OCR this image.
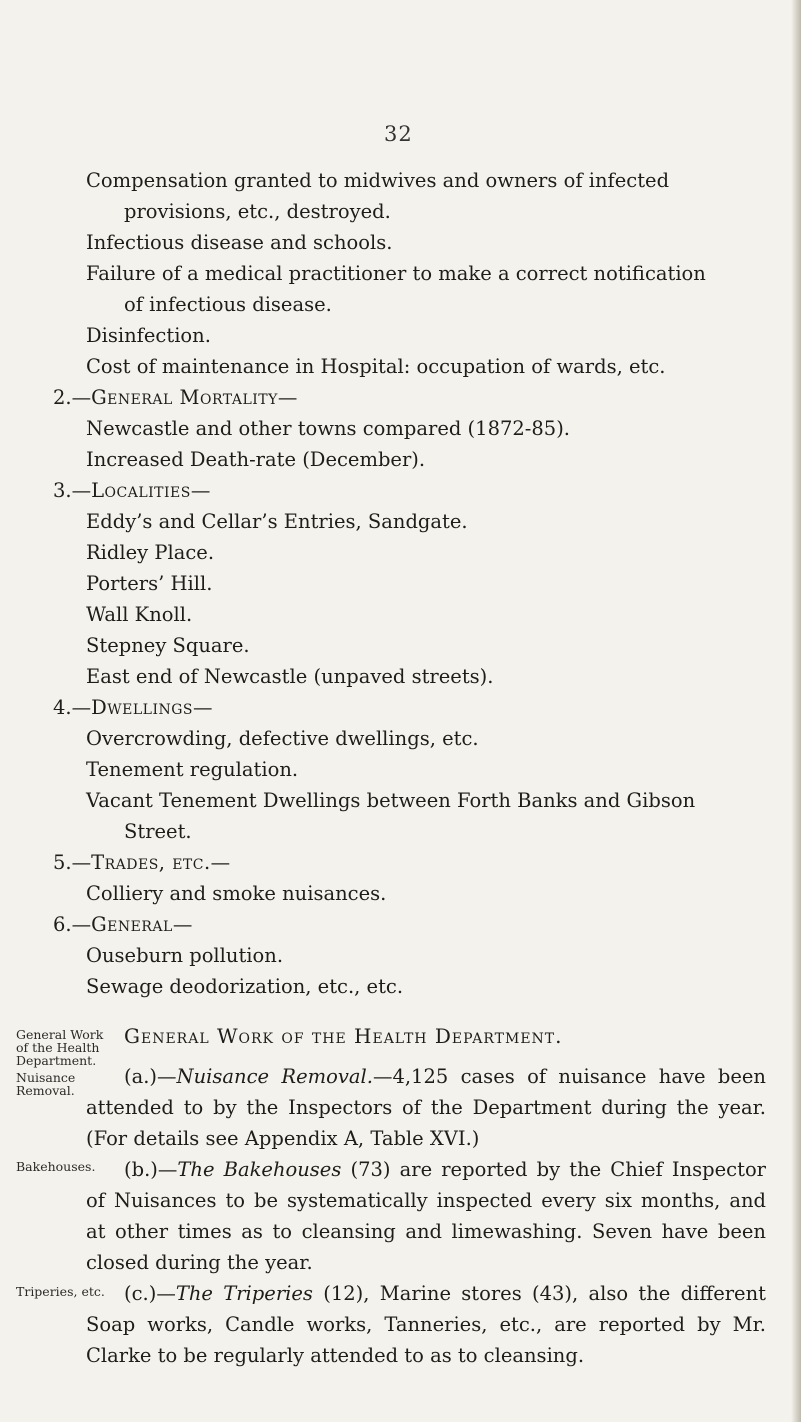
32
Compensation granted to midwives and owners of infected
provisions, etc., destroyed.
Infectious disease and schools.
Failure of a medical practitioner to make a correct notification
of infectious disease.
Disinfection.
Cost of maintenance in Hospital: occupation of wards, etc.
2.—General Mortality—
Newcastle and other towns compared (1872-85).
Increased Death-rate (December).
3.—Localities—
Eddy’s and Cellar’s Entries, Sandgate.
Ridley Place.
Porters’ Hill.
Wall Knoll.
Stepney Square.
East end of Newcastle (unpaved streets).
4.—Dwellings—
Overcrowding, defective dwellings, etc.
Tenement regulation.
Vacant Tenement Dwellings between Forth Banks and Gibson
Street.
5.—Trades, etc.—
Colliery and smoke nuisances.
6.—General—
Ouseburn pollution.
Sewage deodorization, etc., etc.
General Work of the Health Department.
General Work of the Health Department.
Nuisance Removal.
Bakehouses.
Triperies, etc.
(a.)—Nuisance Removal.—4,125 cases of nuisance have been attended to by the Inspectors of the Department during the year. (For details see Appendix A, Table XVI.)
(b.)—The Bakehouses (73) are reported by the Chief Inspector of Nuisances to be systematically inspected every six months, and at other times as to cleansing and limewashing. Seven have been closed during the year.
(c.)—The Triperies (12), Marine stores (43), also the different Soap works, Candle works, Tanneries, etc., are reported by Mr. Clarke to be regularly attended to as to cleansing.
